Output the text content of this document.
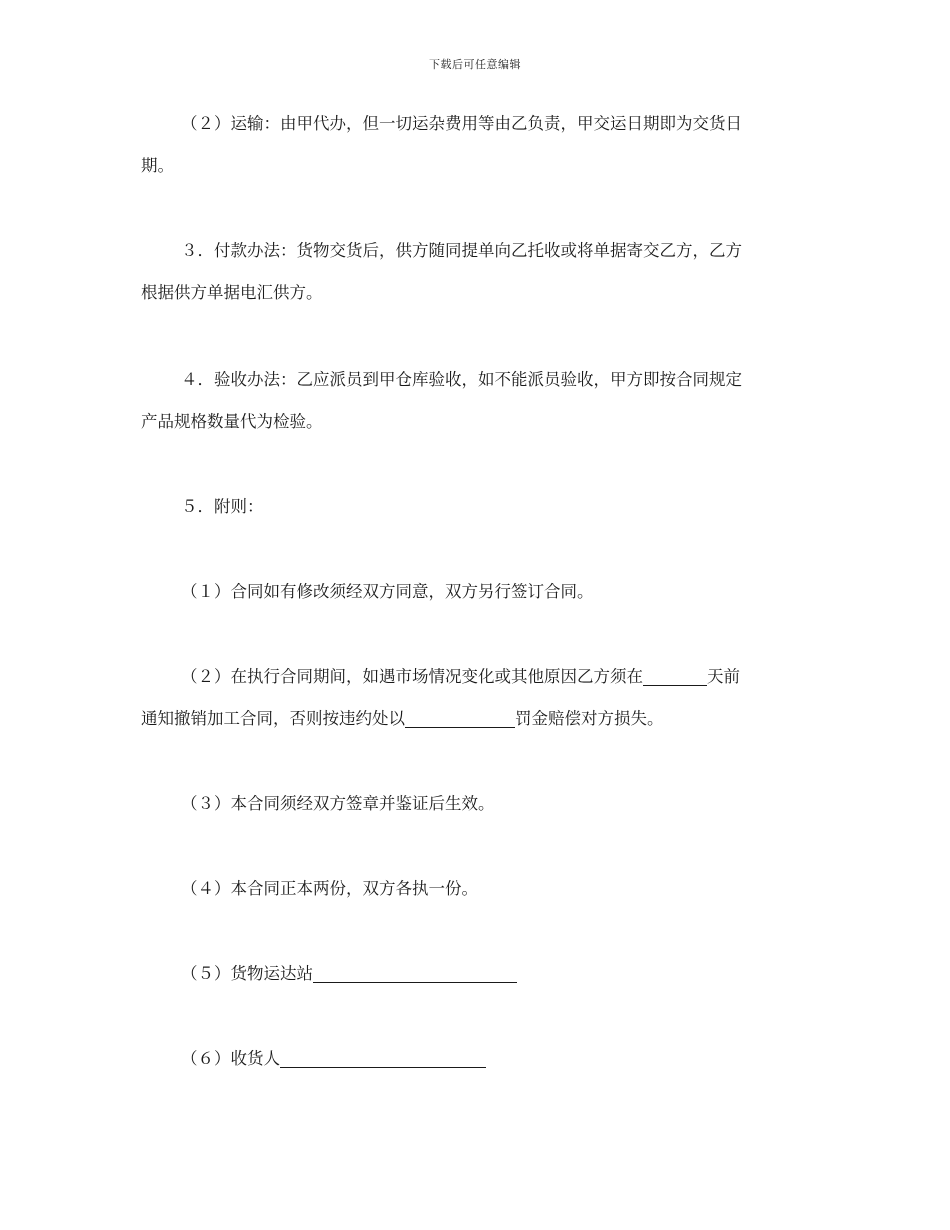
下载后可任意编辑
（２）运输：由甲代办，但一切运杂费用等由乙负责，甲交运日期即为交货日
期。
３．付款办法：货物交货后，供方随同提单向乙托收或将单据寄交乙方，乙方
根据供方单据电汇供方。
４．验收办法：乙应派员到甲仓库验收，如不能派员验收，甲方即按合同规定
产品规格数量代为检验。
５．附则：
（１）合同如有修改须经双方同意，双方另行签订合同。
（２）在执行合同期间，如遇市场情况变化或其他原因乙方须在	天前
通知撤销加工合同，否则按违约处以	罚金赔偿对方损失。
（３）本合同须经双方签章并鉴证后生效。
（４）本合同正本两份，双方各执一份。
（５）货物运达站
（６）收货人
